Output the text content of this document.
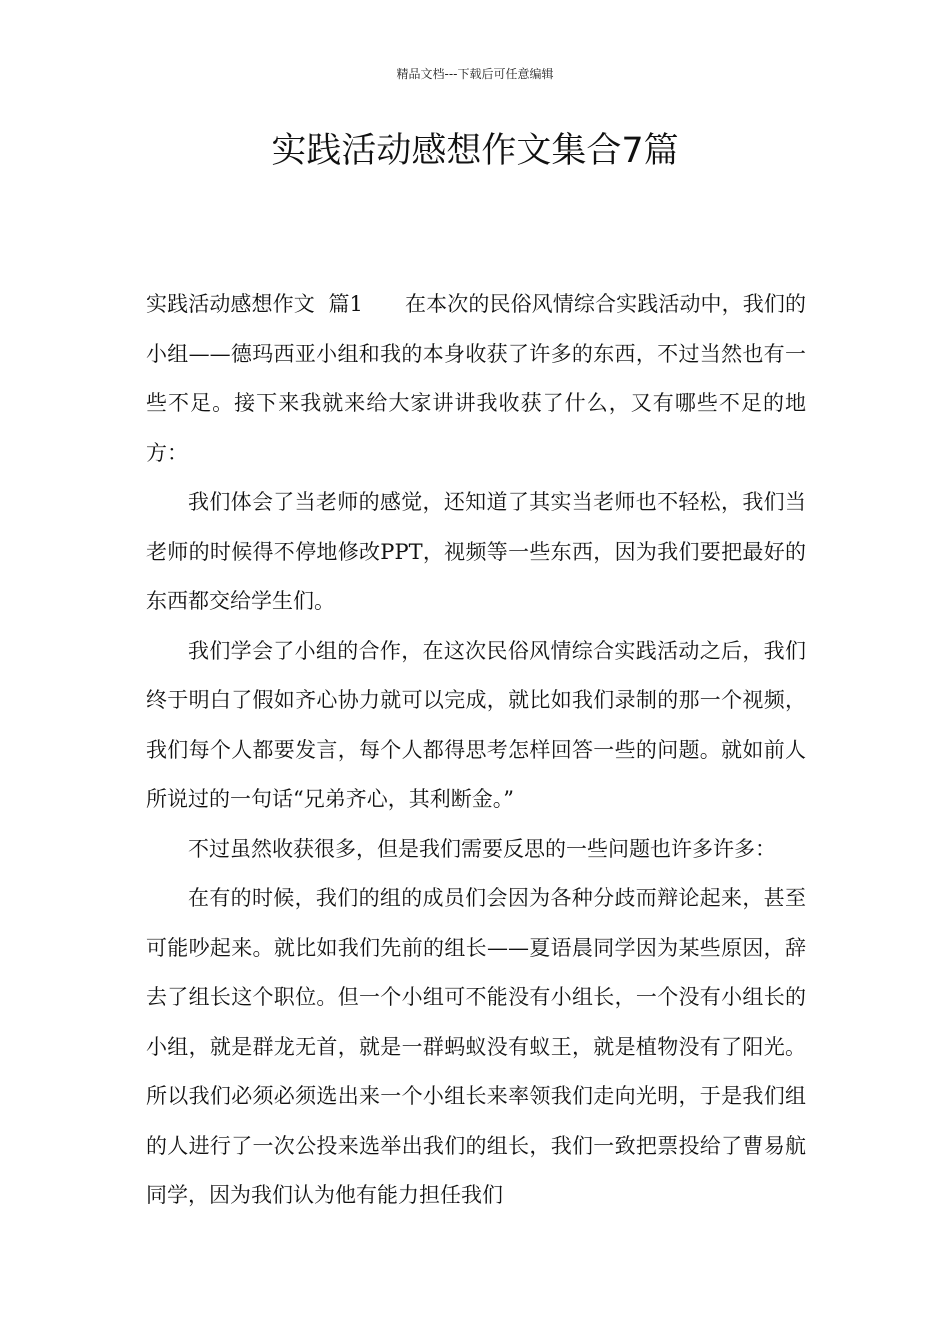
精品文档---下载后可任意编辑
实践活动感想作文集合7篇

实践活动感想作文  篇1 在本次的民俗风情综合实践活动中，我们的小组——德玛西亚小组和我的本身收获了许多的东西，不过当然也有一些不足。接下来我就来给大家讲讲我收获了什么，又有哪些不足的地方：

我们体会了当老师的感觉，还知道了其实当老师也不轻松，我们当老师的时候得不停地修改PPT，视频等一些东西，因为我们要把最好的东西都交给学生们。

我们学会了小组的合作，在这次民俗风情综合实践活动之后，我们终于明白了假如齐心协力就可以完成，就比如我们录制的那一个视频，我们每个人都要发言，每个人都得思考怎样回答一些的问题。就如前人所说过的一句话“兄弟齐心，其利断金。”

不过虽然收获很多，但是我们需要反思的一些问题也许多许多：

在有的时候，我们的组的成员们会因为各种分歧而辩论起来，甚至可能吵起来。就比如我们先前的组长——夏语晨同学因为某些原因，辞去了组长这个职位。但一个小组可不能没有小组长，一个没有小组长的小组，就是群龙无首，就是一群蚂蚁没有蚁王，就是植物没有了阳光。所以我们必须必须选出来一个小组长来率领我们走向光明，于是我们组的人进行了一次公投来选举出我们的组长，我们一致把票投给了曹易航同学，因为我们认为他有能力担任我们
